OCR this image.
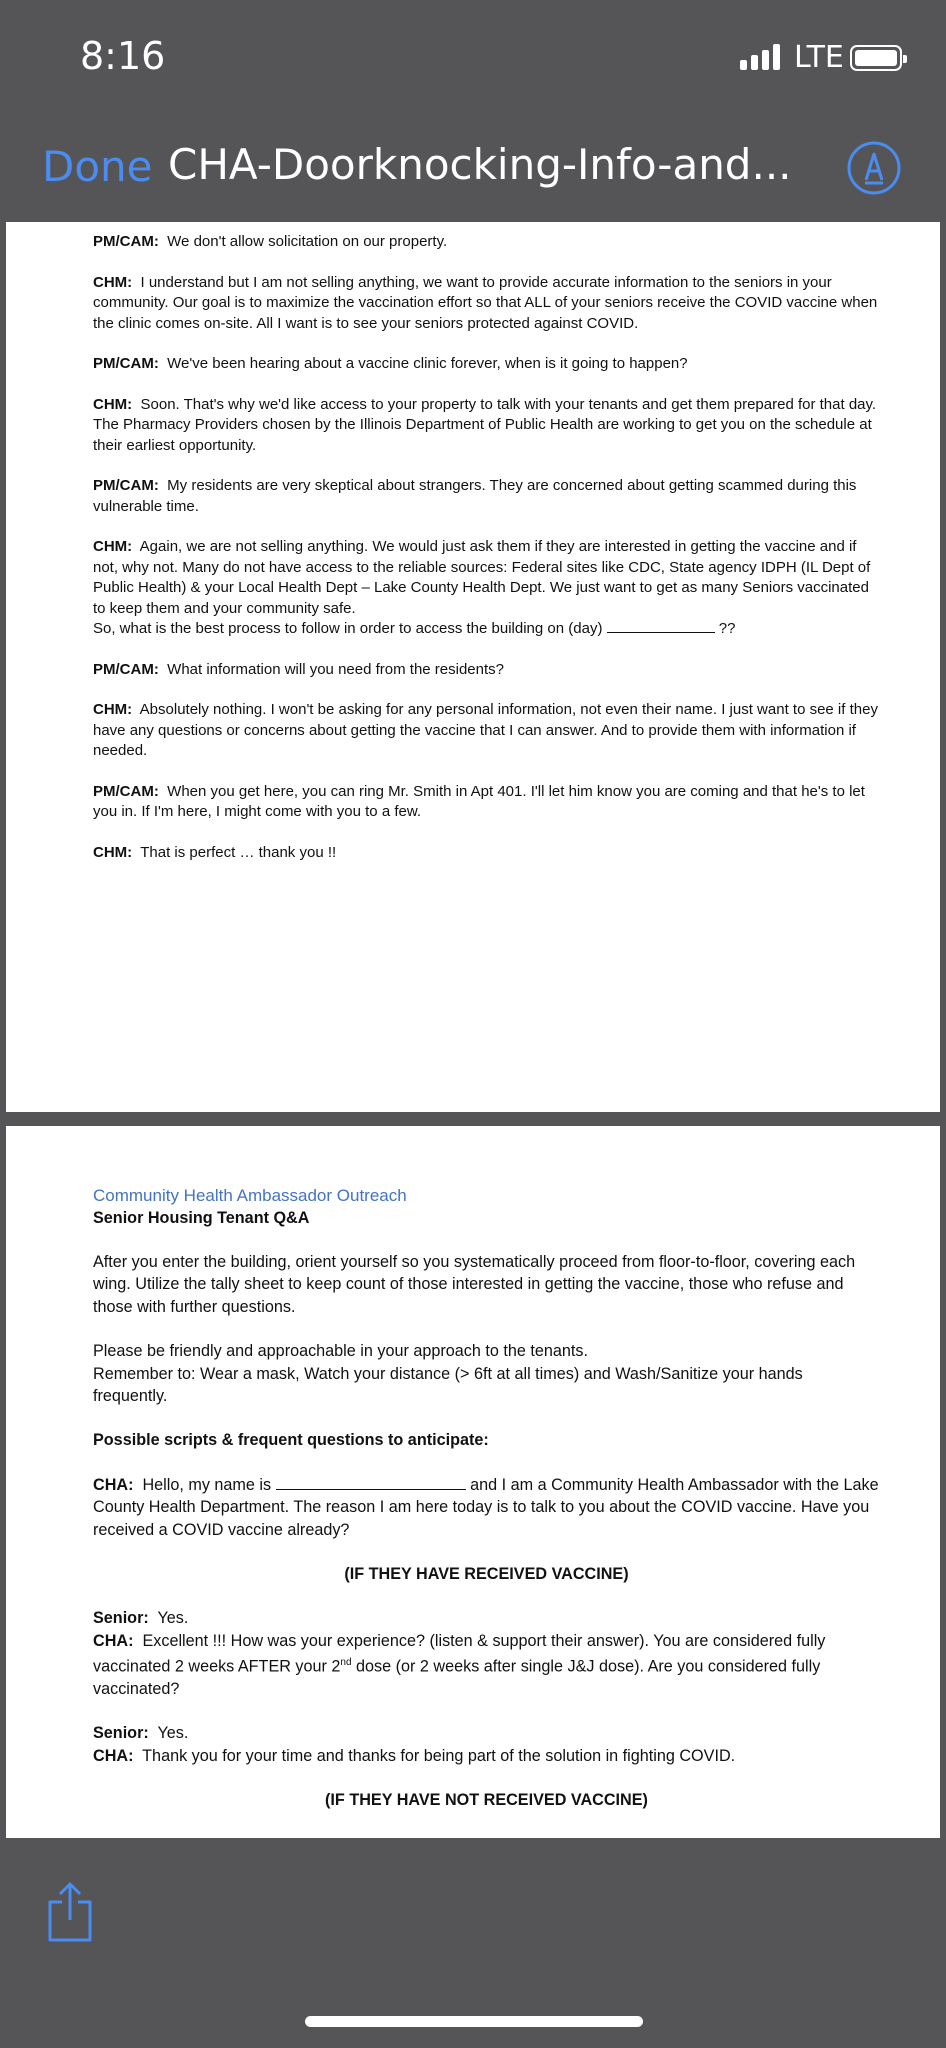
8:16	LTE
Done CHA-Doorknocking-Info-and...

PM/CAM: We don't allow solicitation on our property.

CHM: I understand but I am not selling anything, we want to provide accurate information to the seniors in your community. Our goal is to maximize the vaccination effort so that ALL of your seniors receive the COVID vaccine when the clinic comes on-site. All I want is to see your seniors protected against COVID.

PM/CAM: We've been hearing about a vaccine clinic forever, when is it going to happen?

CHM: Soon. That's why we'd like access to your property to talk with your tenants and get them prepared for that day. The Pharmacy Providers chosen by the Illinois Department of Public Health are working to get you on the schedule at their earliest opportunity.

PM/CAM: My residents are very skeptical about strangers. They are concerned about getting scammed during this vulnerable time.

CHM: Again, we are not selling anything. We would just ask them if they are interested in getting the vaccine and if not, why not. Many do not have access to the reliable sources: Federal sites like CDC, State agency IDPH (IL Dept of Public Health) & your Local Health Dept – Lake County Health Dept. We just want to get as many Seniors vaccinated to keep them and your community safe.
So, what is the best process to follow in order to access the building on (day)	??

PM/CAM: What information will you need from the residents?

CHM: Absolutely nothing. I won't be asking for any personal information, not even their name. I just want to see if they have any questions or concerns about getting the vaccine that I can answer. And to provide them with information if needed.

PM/CAM: When you get here, you can ring Mr. Smith in Apt 401. I'll let him know you are coming and that he's to let you in. If I'm here, I might come with you to a few.

CHM: That is perfect … thank you !!

Community Health Ambassador Outreach
Senior Housing Tenant Q&A

After you enter the building, orient yourself so you systematically proceed from floor-to-floor, covering each wing. Utilize the tally sheet to keep count of those interested in getting the vaccine, those who refuse and those with further questions.

Please be friendly and approachable in your approach to the tenants.
Remember to: Wear a mask, Watch your distance (> 6ft at all times) and Wash/Sanitize your hands frequently.

Possible scripts & frequent questions to anticipate:

CHA: Hello, my name is	and I am a Community Health Ambassador with the Lake County Health Department. The reason I am here today is to talk to you about the COVID vaccine. Have you received a COVID vaccine already?

(IF THEY HAVE RECEIVED VACCINE)

Senior: Yes.
CHA: Excellent !!! How was your experience? (listen & support their answer). You are considered fully vaccinated 2 weeks AFTER your 2nd dose (or 2 weeks after single J&J dose). Are you considered fully vaccinated?

Senior: Yes.
CHA: Thank you for your time and thanks for being part of the solution in fighting COVID.

(IF THEY HAVE NOT RECEIVED VACCINE)
